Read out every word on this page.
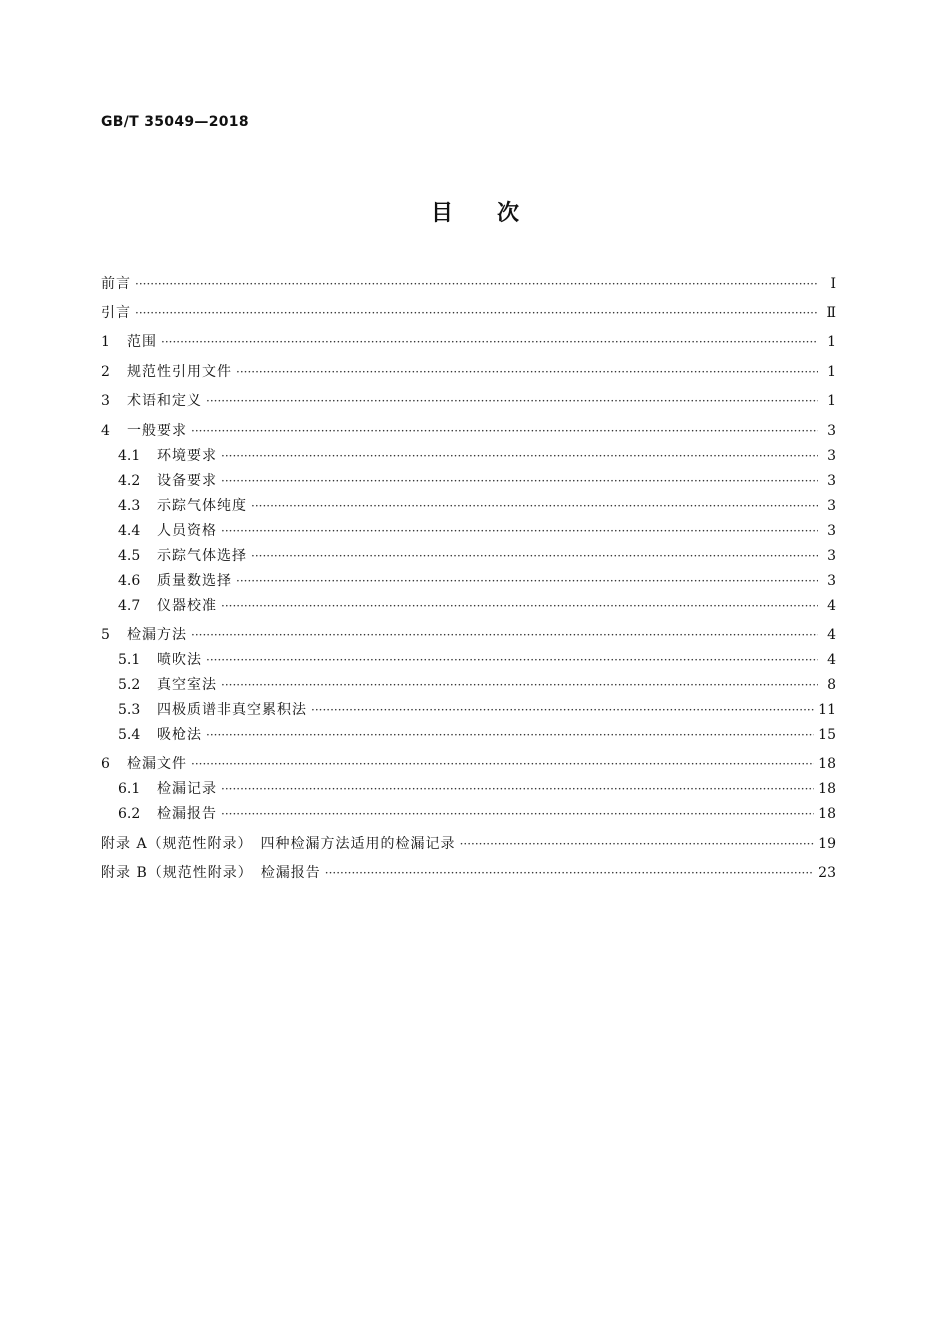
GB/T 35049—2018
目次
前言 ·····	Ⅰ
引言 ·····	Ⅱ
1	范围 ·····	1
2	规范性引用文件 ·····	1
3	术语和定义 ·····	1
4	一般要求 ·····	3
4.1	环境要求 ·····	3
4.2	设备要求 ·····	3
4.3	示踪气体纯度 ·····	3
4.4	人员资格 ·····	3
4.5	示踪气体选择 ·····	3
4.6	质量数选择 ·····	3
4.7	仪器校准 ·····	4
5	检漏方法 ·····	4
5.1	喷吹法 ·····	4
5.2	真空室法 ·····	8
5.3	四极质谱非真空累积法 ·····	11
5.4	吸枪法 ·····	15
6	检漏文件 ·····	18
6.1	检漏记录 ·····	18
6.2	检漏报告 ·····	18
附录 A（规范性附录）　四种检漏方法适用的检漏记录 ·····	19
附录 B（规范性附录）　检漏报告 ·····	23
